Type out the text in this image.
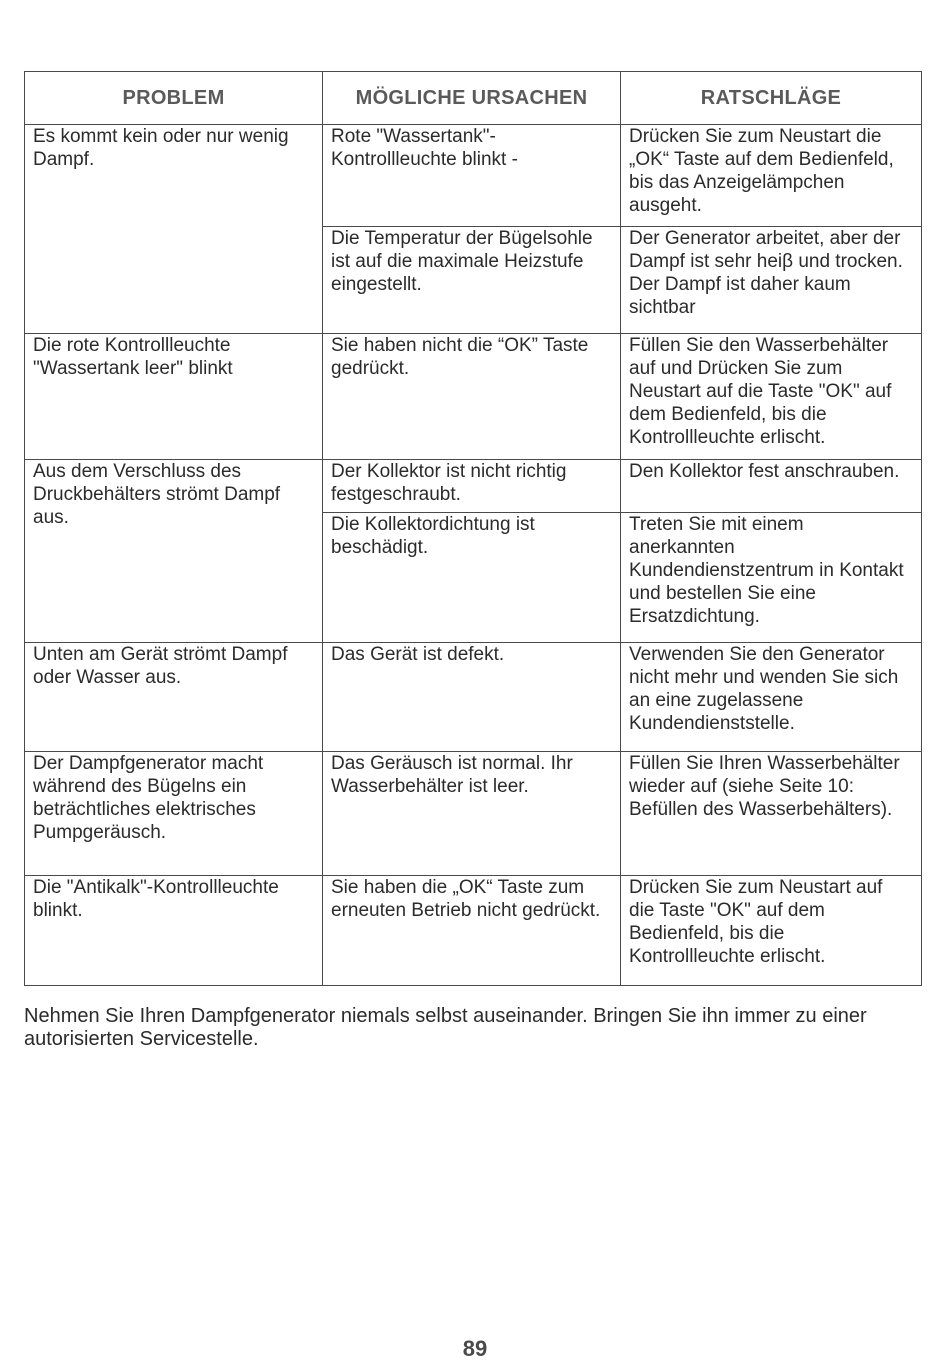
PROBLEM	MÖGLICHE URSACHEN	RATSCHLÄGE
Es kommt kein oder nur wenig Dampf.	Rote "Wassertank"-Kontrollleuchte blinkt -	Drücken Sie zum Neustart die „OK“ Taste auf dem Bedienfeld, bis das Anzeigelämpchen ausgeht.
	Die Temperatur der Bügelsohle ist auf die maximale Heizstufe eingestellt.	Der Generator arbeitet, aber der Dampf ist sehr heiβ und trocken. Der Dampf ist daher kaum sichtbar
Die rote Kontrollleuchte "Wassertank leer" blinkt	Sie haben nicht die “OK” Taste gedrückt.	Füllen Sie den Wasserbehälter auf und Drücken Sie zum Neustart auf die Taste "OK" auf dem Bedienfeld, bis die Kontrollleuchte erlischt.
Aus dem Verschluss des Druckbehälters strömt Dampf aus.	Der Kollektor ist nicht richtig festgeschraubt.	Den Kollektor fest anschrauben.
	Die Kollektordichtung ist beschädigt.	Treten Sie mit einem anerkannten Kundendienstzentrum in Kontakt und bestellen Sie eine Ersatzdichtung.
Unten am Gerät strömt Dampf oder Wasser aus.	Das Gerät ist defekt.	Verwenden Sie den Generator nicht mehr und wenden Sie sich an eine zugelassene Kundendienststelle.
Der Dampfgenerator macht während des Bügelns ein beträchtliches elektrisches Pumpgeräusch.	Das Geräusch ist normal. Ihr Wasserbehälter ist leer.	Füllen Sie Ihren Wasserbehälter wieder auf (siehe Seite 10: Befüllen des Wasserbehälters).
Die "Antikalk"-Kontrollleuchte blinkt.	Sie haben die „OK“ Taste zum erneuten Betrieb nicht gedrückt.	Drücken Sie zum Neustart auf die Taste "OK" auf dem Bedienfeld, bis die Kontrollleuchte erlischt.
Nehmen Sie Ihren Dampfgenerator niemals selbst auseinander. Bringen Sie ihn immer zu einer autorisierten Servicestelle.
89
